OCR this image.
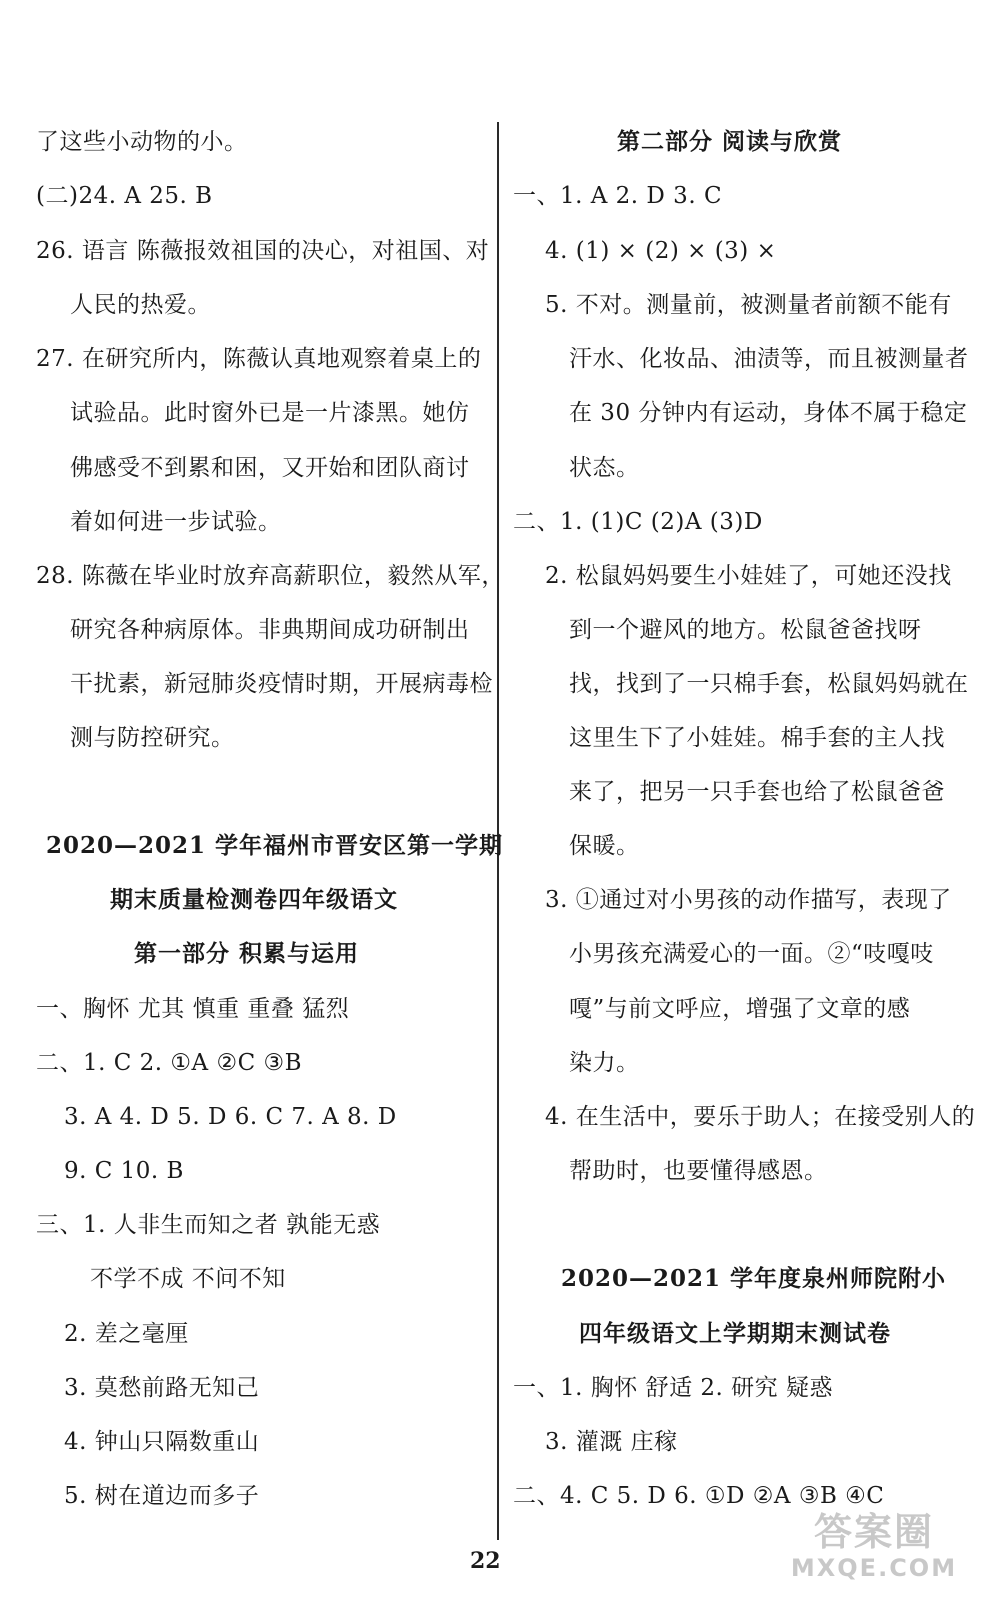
了这些小动物的小。
(二)24. A 25. B
26. 语言 陈薇报效祖国的决心，对祖国、对
人民的热爱。
27. 在研究所内，陈薇认真地观察着桌上的
试验品。此时窗外已是一片漆黑。她仿
佛感受不到累和困，又开始和团队商讨
着如何进一步试验。
28. 陈薇在毕业时放弃高薪职位，毅然从军，
研究各种病原体。非典期间成功研制出
干扰素，新冠肺炎疫情时期，开展病毒检
测与防控研究。
2020—2021 学年福州市晋安区第一学期
期末质量检测卷四年级语文
第一部分 积累与运用
一、胸怀 尤其 慎重 重叠 猛烈
二、1. C 2. ①A ②C ③B
3. A 4. D 5. D 6. C 7. A 8. D
9. C 10. B
三、1. 人非生而知之者 孰能无惑
不学不成 不问不知
2. 差之毫厘
3. 莫愁前路无知己
4. 钟山只隔数重山
5. 树在道边而多子
第二部分 阅读与欣赏
一、1. A 2. D 3. C
4. (1) × (2) × (3) ×
5. 不对。测量前，被测量者前额不能有
汗水、化妆品、油渍等，而且被测量者
在 30 分钟内有运动，身体不属于稳定
状态。
二、1. (1)C (2)A (3)D
2. 松鼠妈妈要生小娃娃了，可她还没找
到一个避风的地方。松鼠爸爸找呀
找，找到了一只棉手套，松鼠妈妈就在
这里生下了小娃娃。棉手套的主人找
来了，把另一只手套也给了松鼠爸爸
保暖。
3. ①通过对小男孩的动作描写，表现了
小男孩充满爱心的一面。②“吱嘎吱
嘎”与前文呼应，增强了文章的感
染力。
4. 在生活中，要乐于助人；在接受别人的
帮助时，也要懂得感恩。
2020—2021 学年度泉州师院附小
四年级语文上学期期末测试卷
一、1. 胸怀 舒适 2. 研究 疑惑
3. 灌溉 庄稼
二、4. C 5. D 6. ①D ②A ③B ④C
22
答案圈
MXQE.COM
